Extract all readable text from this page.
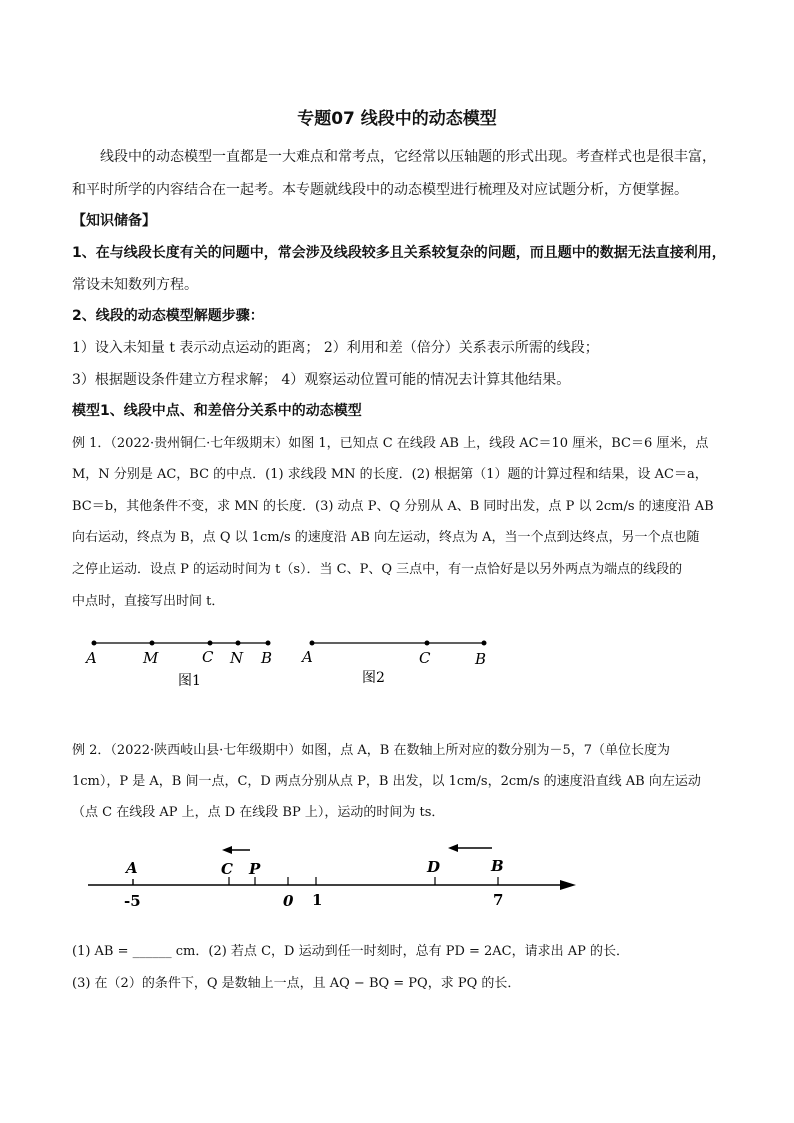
专题07 线段中的动态模型
线段中的动态模型一直都是一大难点和常考点，它经常以压轴题的形式出现。考查样式也是很丰富，
和平时所学的内容结合在一起考。本专题就线段中的动态模型进行梳理及对应试题分析，方便掌握。
【知识储备】
1、在与线段长度有关的问题中，常会涉及线段较多且关系较复杂的问题，而且题中的数据无法直接利用，
常设未知数列方程。
2、线段的动态模型解题步骤：
1）设入未知量 t 表示动点运动的距离； 2）利用和差（倍分）关系表示所需的线段；
3）根据题设条件建立方程求解； 4）观察运动位置可能的情况去计算其他结果。
模型1、线段中点、和差倍分关系中的动态模型
例 1．（2022·贵州铜仁·七年级期末）如图 1，已知点 C 在线段 AB 上，线段 AC＝10 厘米，BC＝6 厘米，点
M，N 分别是 AC，BC 的中点．(1) 求线段 MN 的长度．(2) 根据第（1）题的计算过程和结果，设 AC＝a，
BC＝b，其他条件不变，求 MN 的长度．(3) 动点 P、Q 分别从 A、B 同时出发，点 P 以 2cm/s 的速度沿 AB
向右运动，终点为 B，点 Q 以 1cm/s 的速度沿 AB 向左运动，终点为 A，当一个点到达终点，另一个点也随
之停止运动．设点 P 的运动时间为 t（s）．当 C、P、Q 三点中，有一点恰好是以另外两点为端点的线段的
中点时，直接写出时间 t．
A	M	C N B
图1
A	C	B
图2
例 2．（2022·陕西岐山县·七年级期中）如图，点 A，B 在数轴上所对应的数分别为－5，7（单位长度为
1cm），P 是 A，B 间一点，C，D 两点分别从点 P，B 出发，以 1cm/s，2cm/s 的速度沿直线 AB 向左运动
（点 C 在线段 AP 上，点 D 在线段 BP 上），运动的时间为 ts．
A	C P	D	B
-5	0 1	7
(1) AB = ______ cm．(2) 若点 C，D 运动到任一时刻时，总有 PD = 2AC，请求出 AP 的长．
(3) 在（2）的条件下，Q 是数轴上一点，且 AQ − BQ = PQ，求 PQ 的长．
